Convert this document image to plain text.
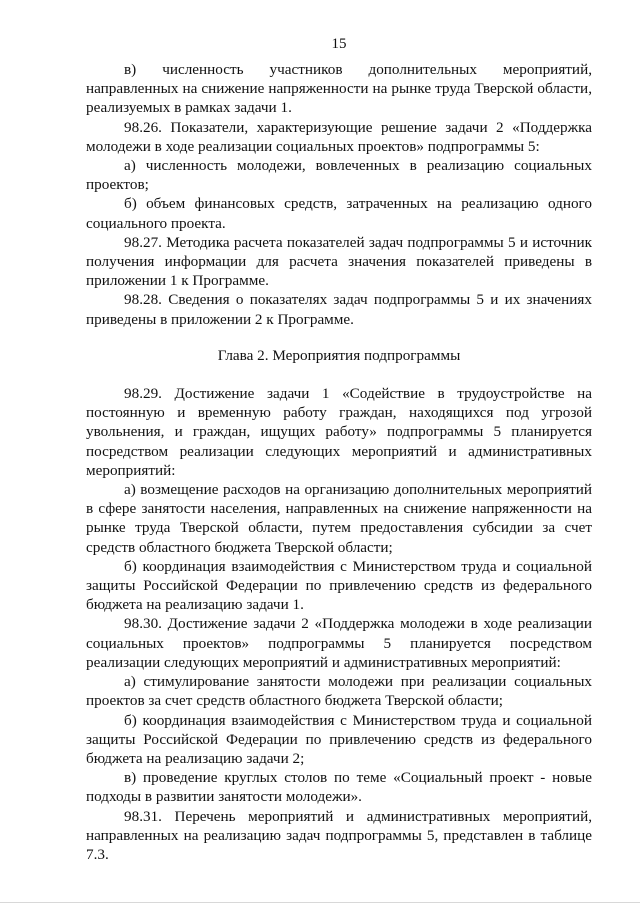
15

в) численность участников дополнительных мероприятий, направленных на снижение напряженности на рынке труда Тверской области, реализуемых в рамках задачи 1.

98.26. Показатели, характеризующие решение задачи 2 «Поддержка молодежи в ходе реализации социальных проектов» подпрограммы 5:

а) численность молодежи, вовлеченных в реализацию социальных проектов;

б) объем финансовых средств, затраченных на реализацию одного социального проекта.

98.27. Методика расчета показателей задач подпрограммы 5 и источник получения информации для расчета значения показателей приведены в приложении 1 к Программе.

98.28. Сведения о показателях задач подпрограммы 5 и их значениях приведены в приложении 2 к Программе.

Глава 2. Мероприятия подпрограммы

98.29. Достижение задачи 1 «Содействие в трудоустройстве на постоянную и временную работу граждан, находящихся под угрозой увольнения, и граждан, ищущих работу» подпрограммы 5 планируется посредством реализации следующих мероприятий и административных мероприятий:

а) возмещение расходов на организацию дополнительных мероприятий в сфере занятости населения, направленных на снижение напряженности на рынке труда Тверской области, путем предоставления субсидии за счет средств областного бюджета Тверской области;

б) координация взаимодействия с Министерством труда и социальной защиты Российской Федерации по привлечению средств из федерального бюджета на реализацию задачи 1.

98.30. Достижение задачи 2 «Поддержка молодежи в ходе реализации социальных проектов» подпрограммы 5 планируется посредством реализации следующих мероприятий и административных мероприятий:

а) стимулирование занятости молодежи при реализации социальных проектов за счет средств областного бюджета Тверской области;

б) координация взаимодействия с Министерством труда и социальной защиты Российской Федерации по привлечению средств из федерального бюджета на реализацию задачи 2;

в) проведение круглых столов по теме «Социальный проект - новые подходы в развитии занятости молодежи».

98.31. Перечень мероприятий и административных мероприятий, направленных на реализацию задач подпрограммы 5, представлен в таблице 7.3.
